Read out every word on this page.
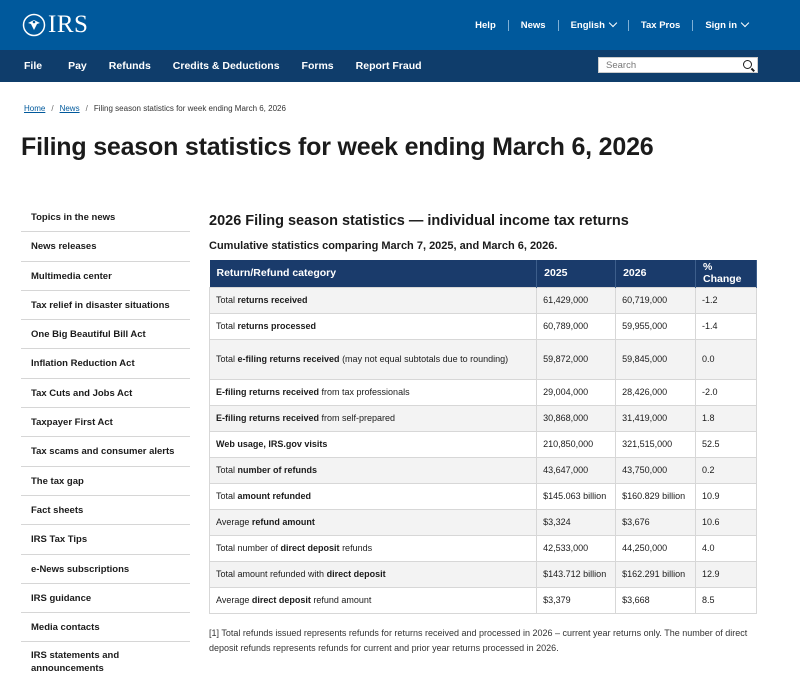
IRS	Help	News	English	Tax Pros	Sign in
File Pay Refunds Credits & Deductions Forms Report Fraud	Search
Home / News / Filing season statistics for week ending March 6, 2026
Filing season statistics for week ending March 6, 2026
Topics in the news
News releases
Multimedia center
Tax relief in disaster situations
One Big Beautiful Bill Act
Inflation Reduction Act
Tax Cuts and Jobs Act
Taxpayer First Act
Tax scams and consumer alerts
The tax gap
Fact sheets
IRS Tax Tips
e-News subscriptions
IRS guidance
Media contacts
IRS statements and announcements
2026 Filing season statistics — individual income tax returns
Cumulative statistics comparing March 7, 2025, and March 6, 2026.
Return/Refund category	2025	2026	% Change
Total returns received	61,429,000	60,719,000	-1.2
Total returns processed	60,789,000	59,955,000	-1.4
Total e-filing returns received (may not equal subtotals due to rounding)	59,872,000	59,845,000	0.0
E-filing returns received from tax professionals	29,004,000	28,426,000	-2.0
E-filing returns received from self-prepared	30,868,000	31,419,000	1.8
Web usage, IRS.gov visits	210,850,000	321,515,000	52.5
Total number of refunds	43,647,000	43,750,000	0.2
Total amount refunded	$145.063 billion	$160.829 billion	10.9
Average refund amount	$3,324	$3,676	10.6
Total number of direct deposit refunds	42,533,000	44,250,000	4.0
Total amount refunded with direct deposit	$143.712 billion	$162.291 billion	12.9
Average direct deposit refund amount	$3,379	$3,668	8.5

[1] Total refunds issued represents refunds for returns received and processed in 2026 – current year returns only. The number of direct deposit refunds represents refunds for current and prior year returns processed in 2026.
